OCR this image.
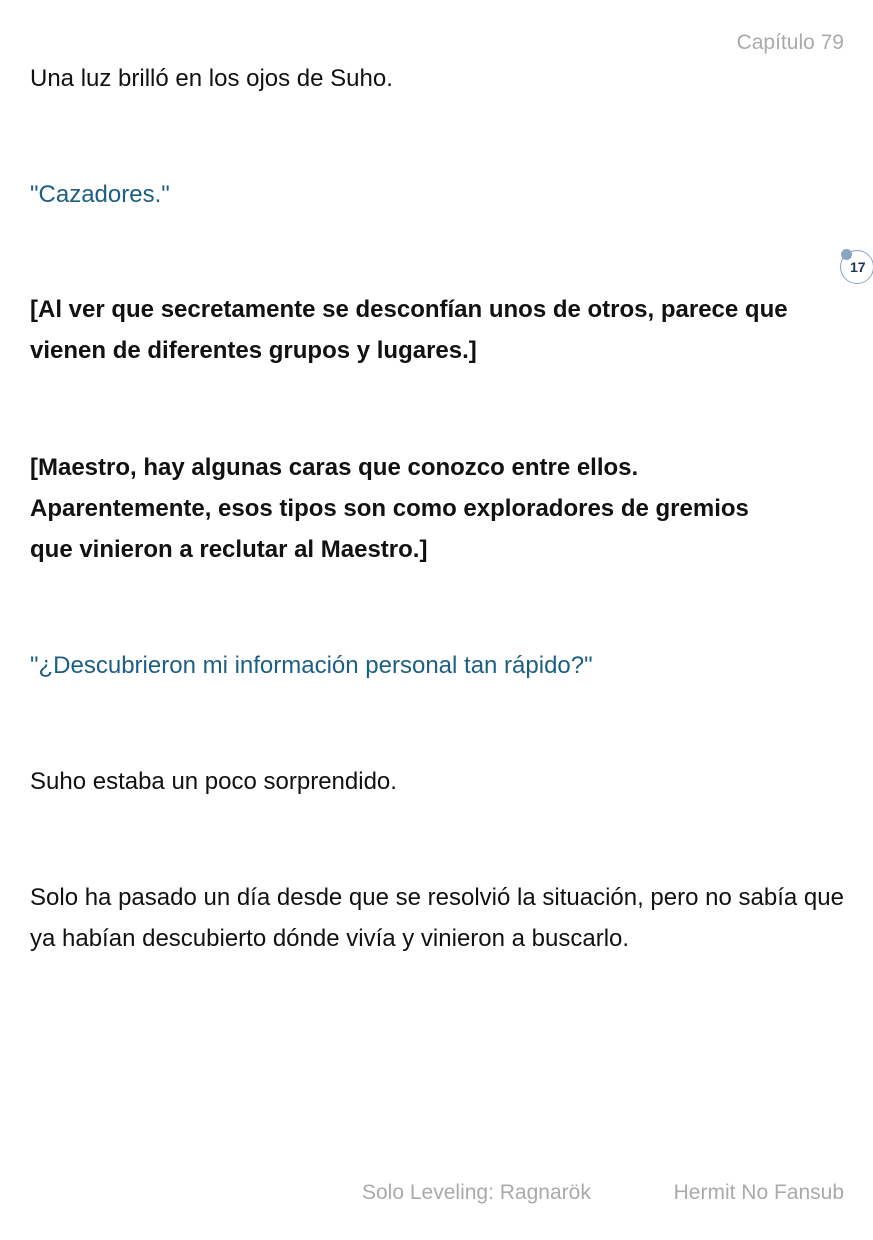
Capítulo 79
Una luz brilló en los ojos de Suho.
"Cazadores."
17
[Al ver que secretamente se desconfían unos de otros, parece que vienen de diferentes grupos y lugares.]
[Maestro, hay algunas caras que conozco entre ellos. Aparentemente, esos tipos son como exploradores de gremios que vinieron a reclutar al Maestro.]
"¿Descubrieron mi información personal tan rápido?"
Suho estaba un poco sorprendido.
Solo ha pasado un día desde que se resolvió la situación, pero no sabía que ya habían descubierto dónde vivía y vinieron a buscarlo.
Solo Leveling: Ragnarök	Hermit No Fansub
